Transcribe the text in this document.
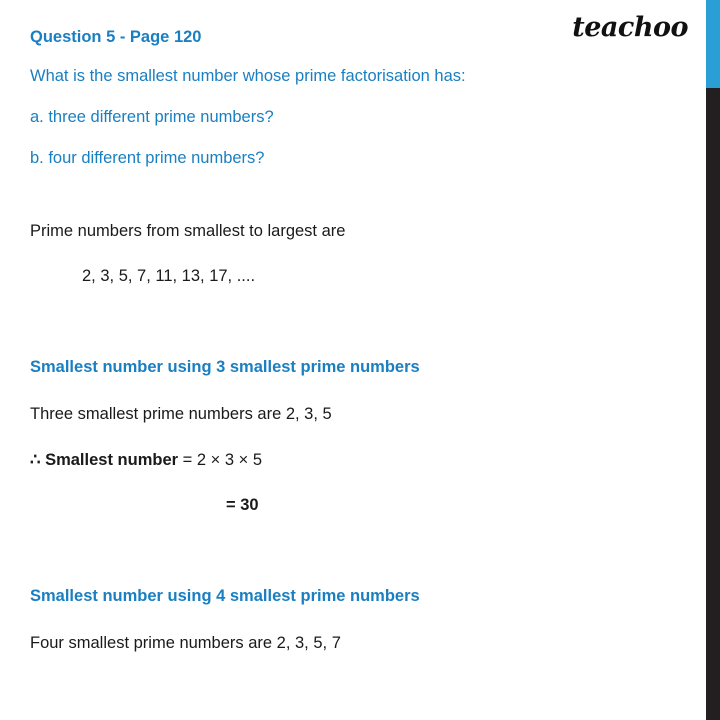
teachoo
Question 5 - Page 120
What is the smallest number whose prime factorisation has:
a. three different prime numbers?
b. four different prime numbers?
Prime numbers from smallest to largest are
2, 3, 5, 7, 11, 13, 17, ....
Smallest number using 3 smallest prime numbers
Three smallest prime numbers are 2, 3, 5
∴ Smallest number = 2 × 3 × 5
= 30
Smallest number using 4 smallest prime numbers
Four smallest prime numbers are 2, 3, 5, 7
